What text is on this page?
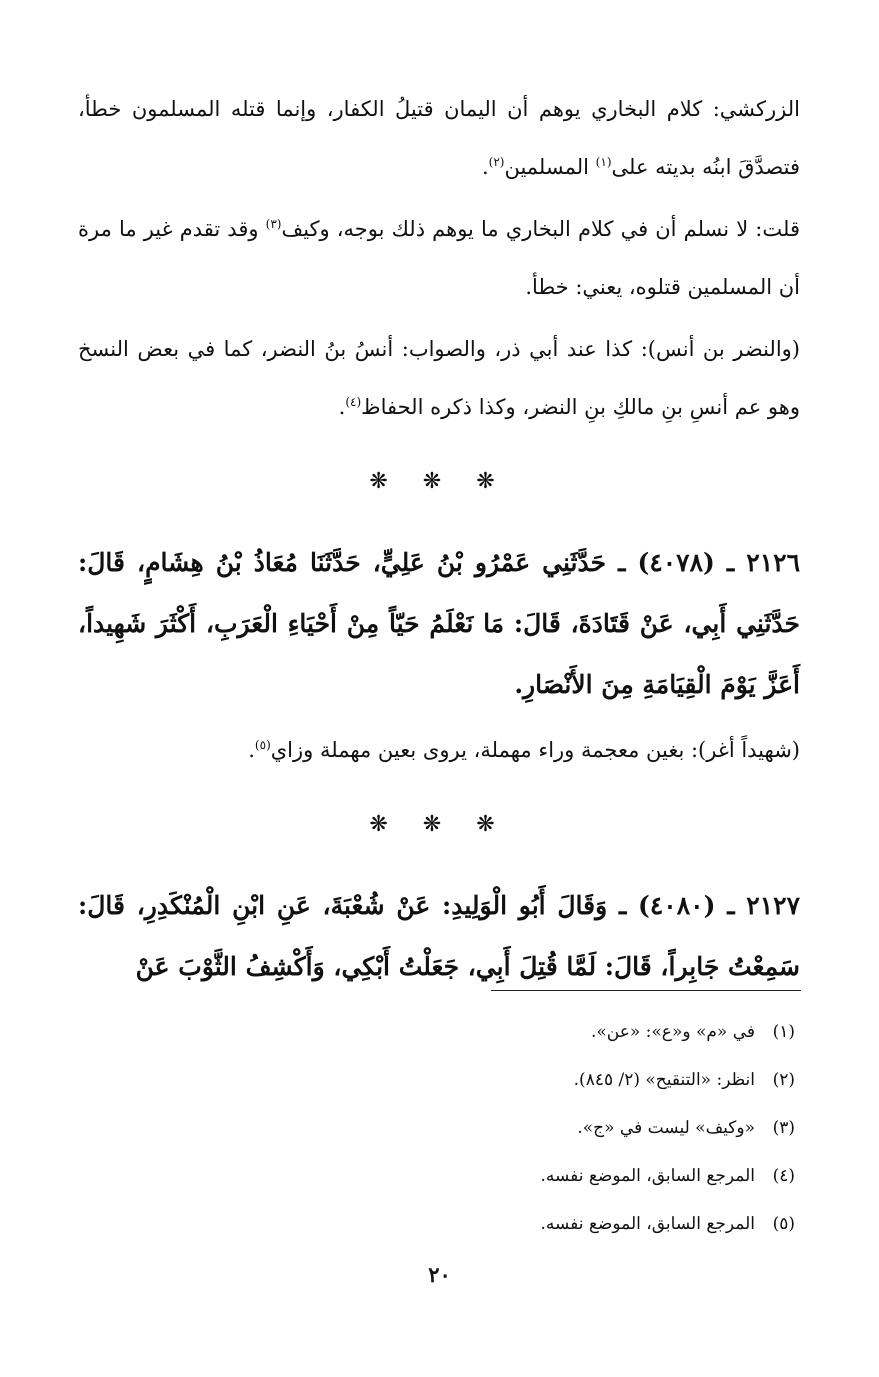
الزركشي: كلام البخاري يوهم أن اليمان قتيلُ الكفار، وإنما قتله المسلمون خطأ، فتصدَّقَ ابنُه بديته على$^{(١)}$ المسلمين$^{(٢)}$.

قلت: لا نسلم أن في كلام البخاري ما يوهم ذلك بوجه، وكيف$^{(٣)}$ وقد تقدم غير ما مرة أن المسلمين قتلوه، يعني: خطأ.

(والنضر بن أنس): كذا عند أبي ذر، والصواب: أنسُ بنُ النضر، كما في بعض النسخ وهو عم أنسِ بنِ مالكِ بنِ النضر، وكذا ذكره الحفاظ$^{(٤)}$.

❋ ❋ ❋

٢١٢٦ ـ (٤٠٧٨) ـ حَدَّثَنِي عَمْرُو بْنُ عَلِيٍّ، حَدَّثَنَا مُعَاذُ بْنُ هِشَامٍ، قَالَ: حَدَّثَنِي أَبِي، عَنْ قَتَادَةَ، قَالَ: مَا نَعْلَمُ حَيّاً مِنْ أَحْيَاءِ الْعَرَبِ، أَكْثَرَ شَهِيداً، أَعَزَّ يَوْمَ الْقِيَامَةِ مِنَ الأَنْصَارِ.

(شهيداً أغر): بغين معجمة وراء مهملة، يروى بعين مهملة وزاي$^{(٥)}$.

❋ ❋ ❋

٢١٢٧ ـ (٤٠٨٠) ـ وَقَالَ أَبُو الْوَلِيدِ: عَنْ شُعْبَةَ، عَنِ ابْنِ الْمُنْكَدِرِ، قَالَ: سَمِعْتُ جَابِراً، قَالَ: لَمَّا قُتِلَ أَبِي، جَعَلْتُ أَبْكِي، وَأَكْشِفُ الثَّوْبَ عَنْ

(١)في «م» و«ع»: «عن».
(٢)انظر: «التنقيح» (٢/ ٨٤٥).
(٣)«وكيف» ليست في «ج».
(٤)المرجع السابق، الموضع نفسه.
(٥)المرجع السابق، الموضع نفسه.
٢٠
